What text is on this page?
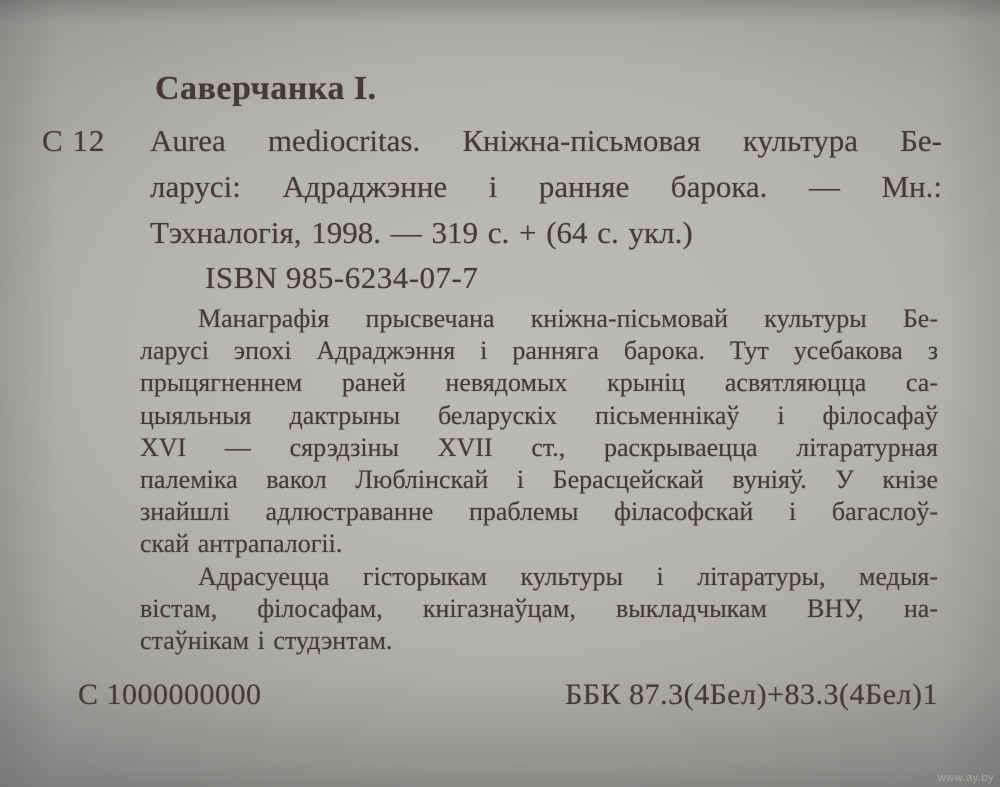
Саверчанка І.
С 12 Aurea mediocritas. Кніжна-пісьмовая культура Бе-
ларусі: Адраджэнне і ранняе барока. — Мн.:
Тэхналогія, 1998. — 319 с. + (64 с. укл.)
ISBN 985-6234-07-7
Манаграфія прысвечана кніжна-пісьмовай культуры Бе-
ларусі эпохі Адраджэння і ранняга барока. Тут усебакова з
прыцягненнем раней невядомых крыніц асвятляюцца са-
цыяльныя дактрыны беларускіх пісьменнікаў і філосафаў
XVI — сярэдзіны XVII ст., раскрываецца літаратурная
палеміка вакол Люблінскай і Берасцейскай вуніяў. У кнізе
знайшлі адлюстраванне праблемы філасофскай і багаслоў-
скай антрапалогіі.
Адрасуецца гісторыкам культуры і літаратуры, медыя-
вістам, філосафам, кнігазнаўцам, выкладчыкам ВНУ, на-
стаўнікам і студэнтам.
С 1000000000	ББК 87.3(4Бел)+83.3(4Бел)1
www.ay.by
